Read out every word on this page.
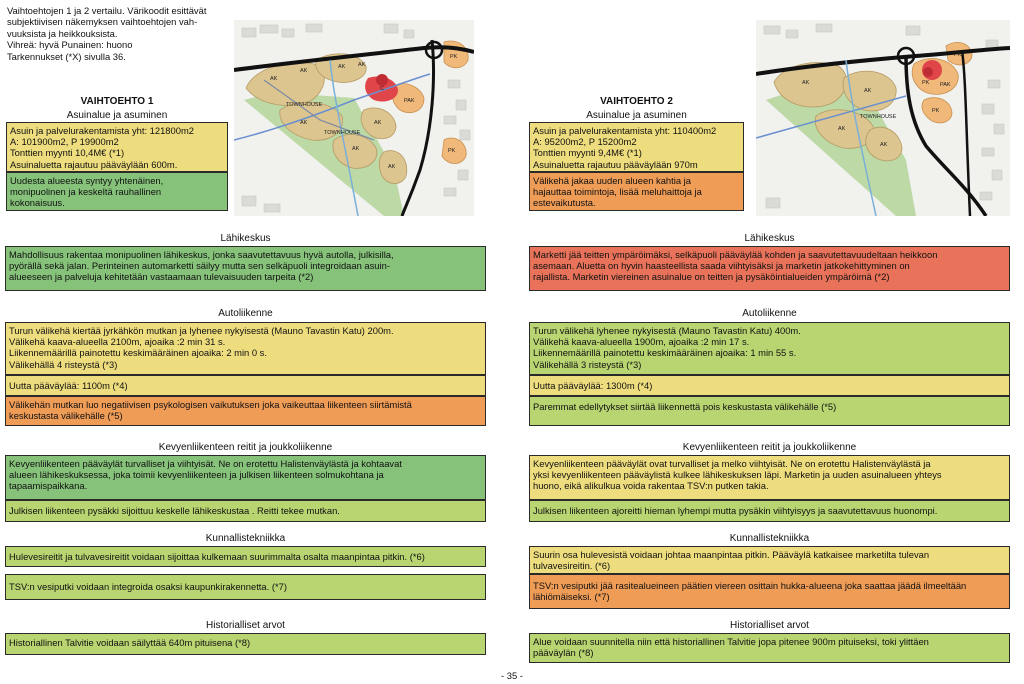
Vaihtoehtojen 1 ja 2 vertailu. Värikoodit esittävät
subjektiivisen näkemyksen vaihtoehtojen vah-
vuuksista ja heikkouksista.
Vihreä: hyvä Punainen: huono
Tarkennukset (*X) sivulla 36.
AK
AK
AK AK
AK
AK
AK
AK
TOWNHOUSE
TOWNHOUSE
PAK
PK
PK
C
AK
AK
AK
AK
TOWNHOUSE
PK
PK
PK PAK
VAIHTOEHTO 1
Asuinalue ja asuminen
Asuin ja palvelurakentamista yht: 121800m2
A: 101900m2, P 19900m2
Tonttien myynti 10,4M€ (*1)
Asuinaluetta rajautuu pääväylään 600m.
Uudesta alueesta syntyy yhtenäinen,
monipuolinen ja keskeltä rauhallinen
kokonaisuus.
VAIHTOEHTO 2
Asuinalue ja asuminen
Asuin ja palvelurakentamista yht: 110400m2
A: 95200m2, P 15200m2
Tonttien myynti 9,4M€ (*1)
Asuinaluetta rajautuu pääväylään 970m
Välikehä jakaa uuden alueen kahtia ja
hajauttaa toimintoja, lisää meluhaittoja ja
estevaikutusta.
Lähikeskus	Lähikeskus
Mahdollisuus rakentaa monipuolinen lähikeskus, jonka saavutettavuus hyvä autolla, julkisilla,
pyörällä sekä jalan. Perinteinen automarketti säilyy mutta sen selkäpuoli integroidaan asuin-
alueeseen ja palveluja kehitetään vastaamaan tulevaisuuden tarpeita (*2)
Marketti jää teitten ympäröimäksi, selkäpuoli pääväylää kohden ja saavutettavuudeltaan heikkoon
asemaan. Aluetta on hyvin haasteellista saada viihtyisäksi ja marketin jatkokehittyminen on
rajallista. Marketin viereinen asuinalue on teitten ja pysäköintialueiden ympäröimä (*2)
Autoliikenne	Autoliikenne
Turun välikehä kiertää jyrkähkön mutkan ja lyhenee nykyisestä (Mauno Tavastin Katu) 200m.
Välikehä kaava-alueella 2100m, ajoaika :2 min 31 s.
Liikennemäärillä painotettu keskimääräinen ajoaika: 2 min 0 s.
Välikehällä 4 risteystä (*3)
Uutta pääväylää: 1100m (*4)
Välikehän mutkan luo negatiivisen psykologisen vaikutuksen joka vaikeuttaa liikenteen siirtämistä
keskustasta välikehälle (*5)
Turun välikehä lyhenee nykyisestä (Mauno Tavastin Katu) 400m.
Välikehä kaava-alueella 1900m, ajoaika :2 min 17 s.
Liikennemäärillä painotettu keskimääräinen ajoaika: 1 min 55 s.
Välikehällä 3 risteystä (*3)
Uutta pääväylää: 1300m (*4)
Paremmat edellytykset siirtää liikennettä pois keskustasta välikehälle (*5)
Kevyenliikenteen reitit ja joukkoliikenne	Kevyenliikenteen reitit ja joukkoliikenne
Kevyenliikenteen pääväylät turvalliset ja viihtyisät. Ne on erotettu Halistenväylästä ja kohtaavat
alueen lähikeskuksessa, joka toimii kevyenliikenteen ja julkisen liikenteen solmukohtana ja
tapaamispaikkana.
Julkisen liikenteen pysäkki sijoittuu keskelle lähikeskustaa . Reitti tekee mutkan.
Kevyenliikenteen pääväylät ovat turvalliset ja melko viihtyisät. Ne on erotettu Halistenväylästä ja
yksi kevyenliikenteen pääväylistä kulkee lähikeskuksen läpi. Marketin ja uuden asuinalueen yhteys
huono, eikä alikulkua voida rakentaa TSV:n putken takia.
Julkisen liikenteen ajoreitti hieman lyhempi mutta pysäkin viihtyisyys ja saavutettavuus huonompi.
Kunnallistekniikka	Kunnallistekniikka
Hulevesireitit ja tulvavesireitit voidaan sijoittaa kulkemaan suurimmalta osalta maanpintaa pitkin. (*6)
TSV:n vesiputki voidaan integroida osaksi kaupunkirakennetta. (*7)
Suurin osa hulevesistä voidaan johtaa maanpintaa pitkin. Pääväylä katkaisee marketilta tulevan
tulvavesireitin. (*6)
TSV:n vesiputki jää rasitealueineen päätien viereen osittain hukka-alueena joka saattaa jäädä ilmeeltään
lähiömäiseksi. (*7)
Historialliset arvot	Historialliset arvot
Historiallinen Talvitie voidaan säilyttää 640m pituisena (*8)	Alue voidaan suunnitella niin että historiallinen Talvitie jopa pitenee 900m pituiseksi, toki ylittäen
pääväylän (*8)
- 35 -
